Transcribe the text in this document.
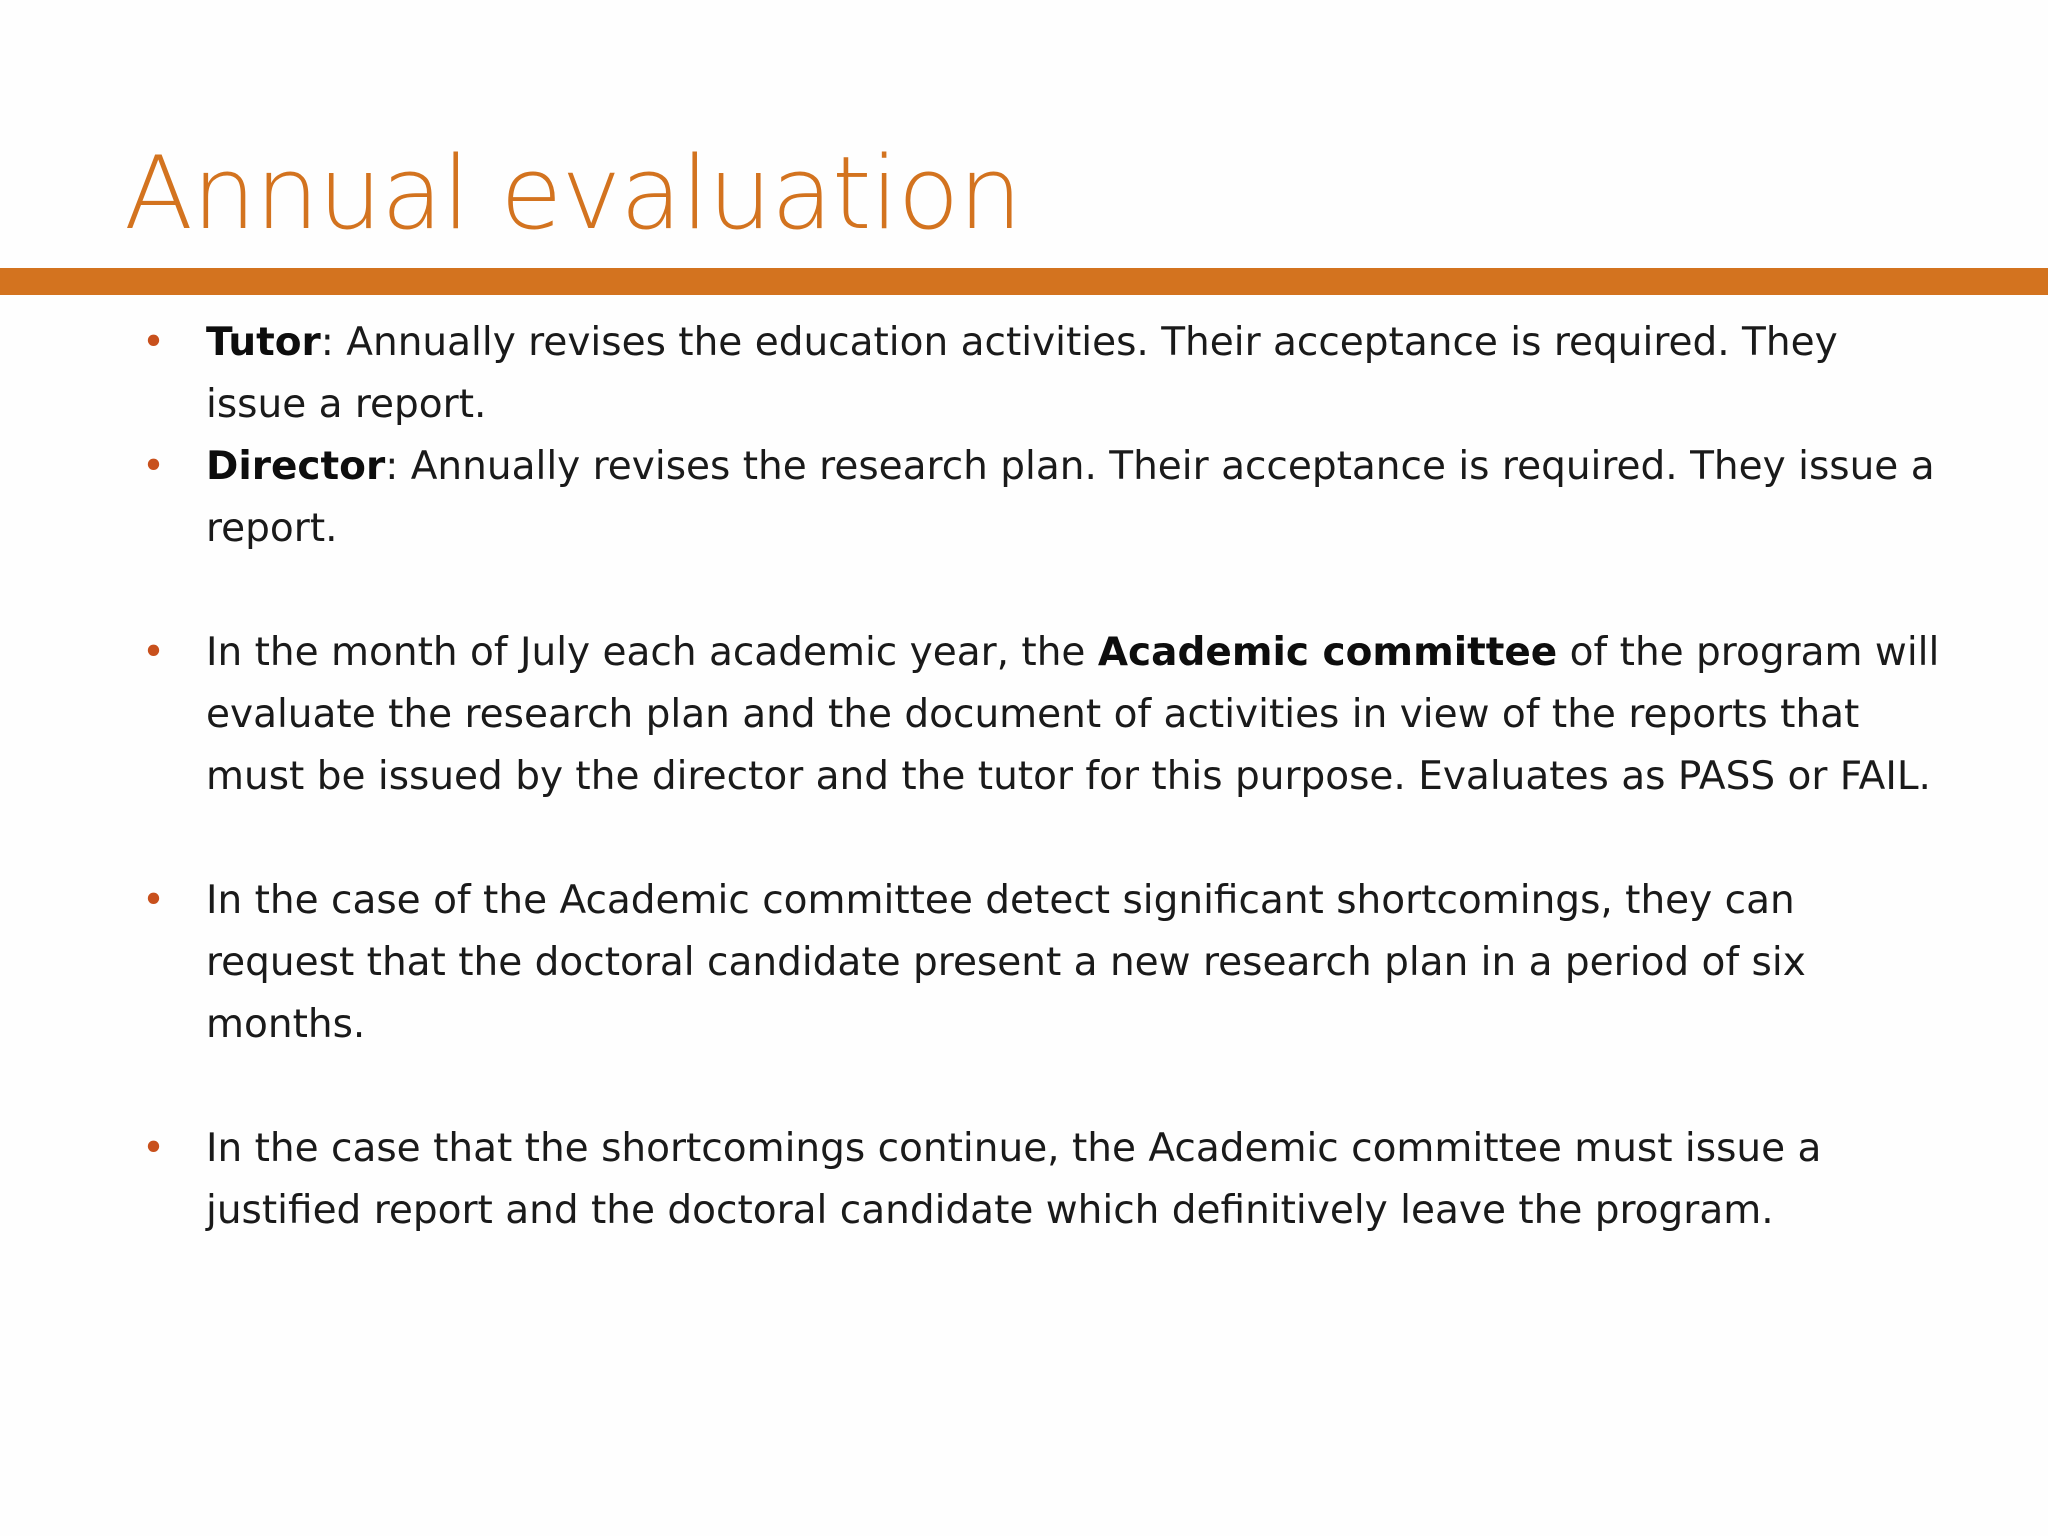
Annual evaluation
• Tutor: Annually revises the education activities. Their acceptance is required. They issue a report.
• Director: Annually revises the research plan. Their acceptance is required. They issue a report.
• In the month of July each academic year, the Academic committee of the program will evaluate the research plan and the document of activities in view of the reports that must be issued by the director and the tutor for this purpose. Evaluates as PASS or FAIL.
• In the case of the Academic committee detect significant shortcomings, they can request that the doctoral candidate present a new research plan in a period of six months.
• In the case that the shortcomings continue, the Academic committee must issue a justified report and the doctoral candidate which definitively leave the program.
